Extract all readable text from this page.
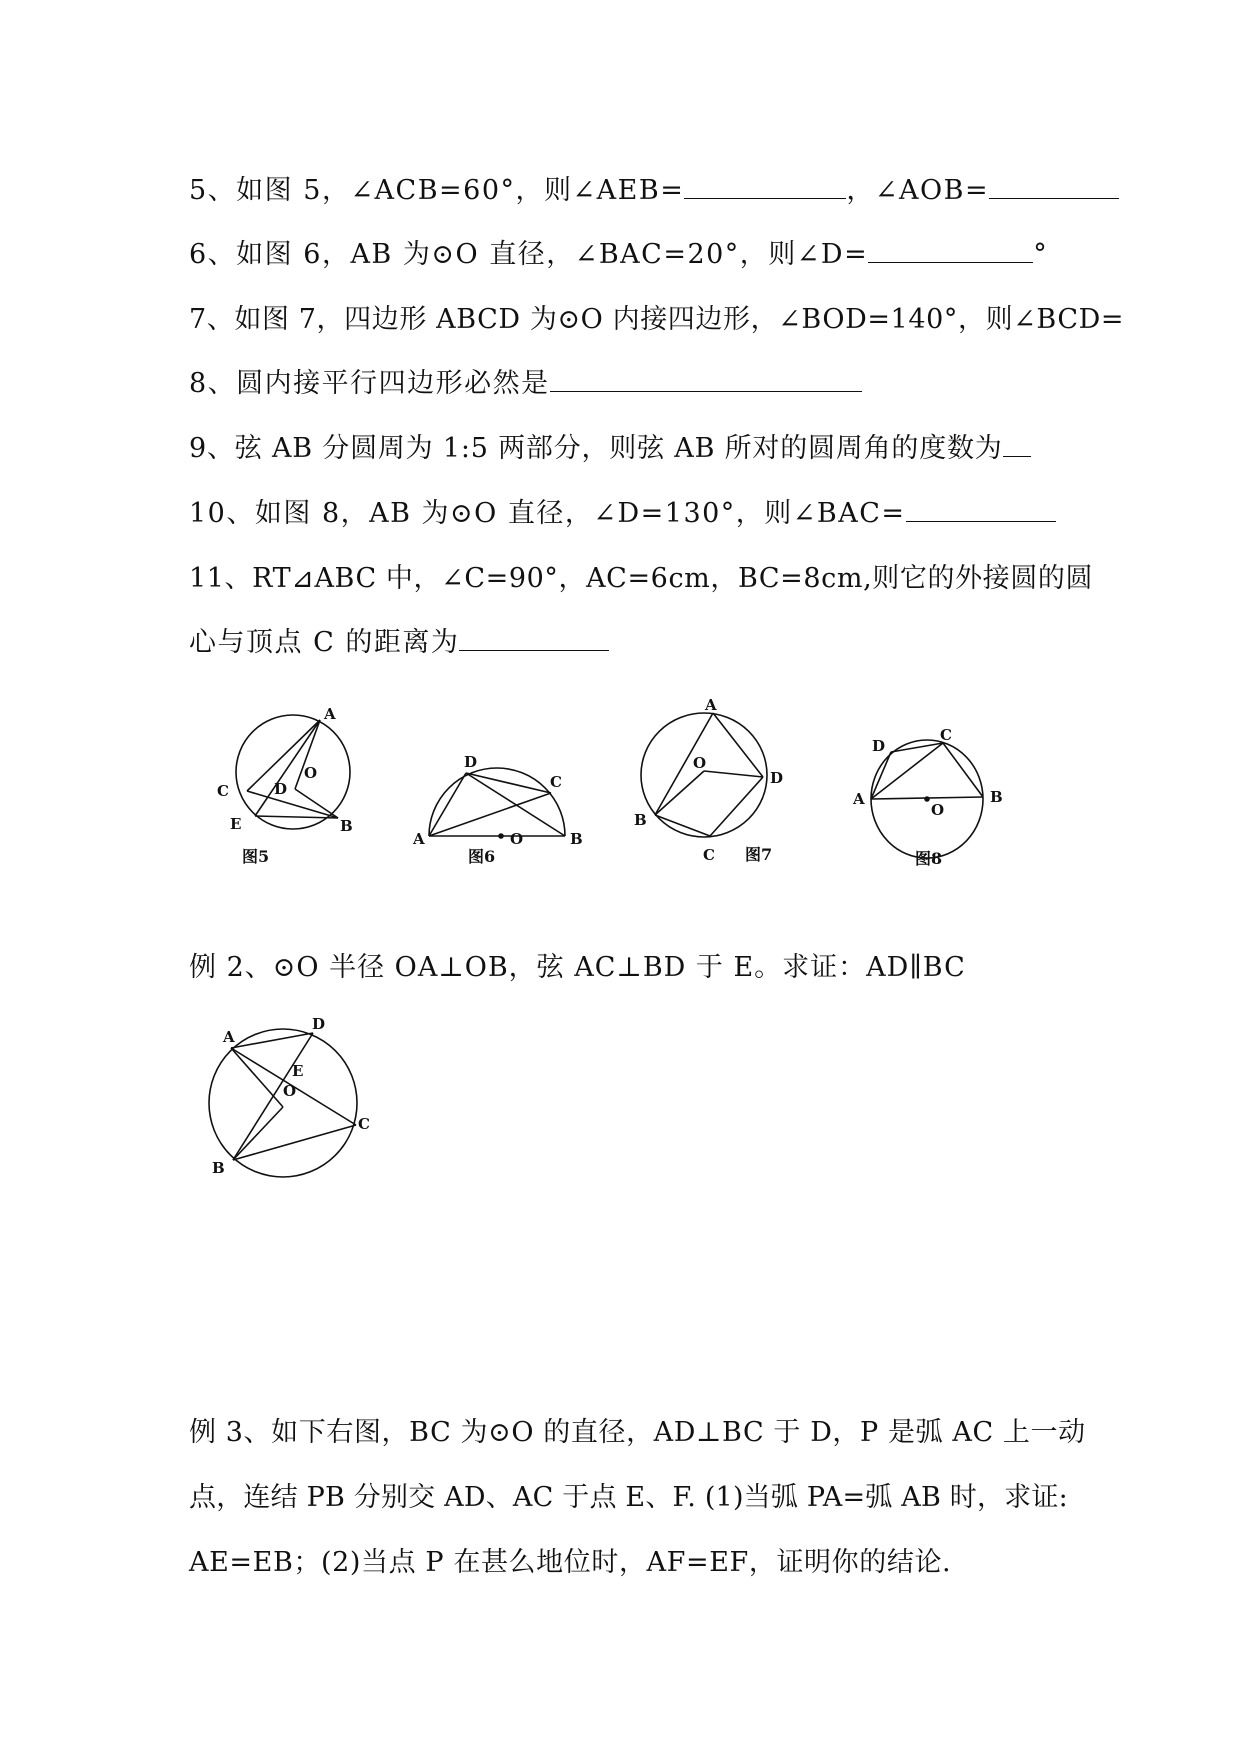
5、如图 5，∠ACB=60°，则∠AEB=	，∠AOB=
6、如图 6，AB 为⊙O 直径，∠BAC=20°，则∠D=	°
7、如图 7，四边形 ABCD 为⊙O 内接四边形，∠BOD=140°，则∠BCD=
8、圆内接平行四边形必然是
9、弦 AB 分圆周为 1:5 两部分，则弦 AB 所对的圆周角的度数为
10、如图 8，AB 为⊙O 直径，∠D=130°，则∠BAC=
11、RT⊿ABC 中，∠C=90°，AC=6cm，BC=8cm,则它的外接圆的圆
心与顶点 C 的距离为
A
O
C	D
E	B
图5
D
C
A	O	B
图6
A
O
D
B
C 图7
D
C
A
O
B
图8
例 2、⊙O 半径 OA⊥OB，弦 AC⊥BD 于 E。求证：AD∥BC
A
D
E
O
C
B
例 3、如下右图，BC 为⊙O 的直径，AD⊥BC 于 D，P 是弧 AC 上一动
点，连结 PB 分别交 AD、AC 于点 E、F. (1)当弧 PA=弧 AB 时，求证:
AE=EB；(2)当点 P 在甚么地位时，AF=EF，证明你的结论.
